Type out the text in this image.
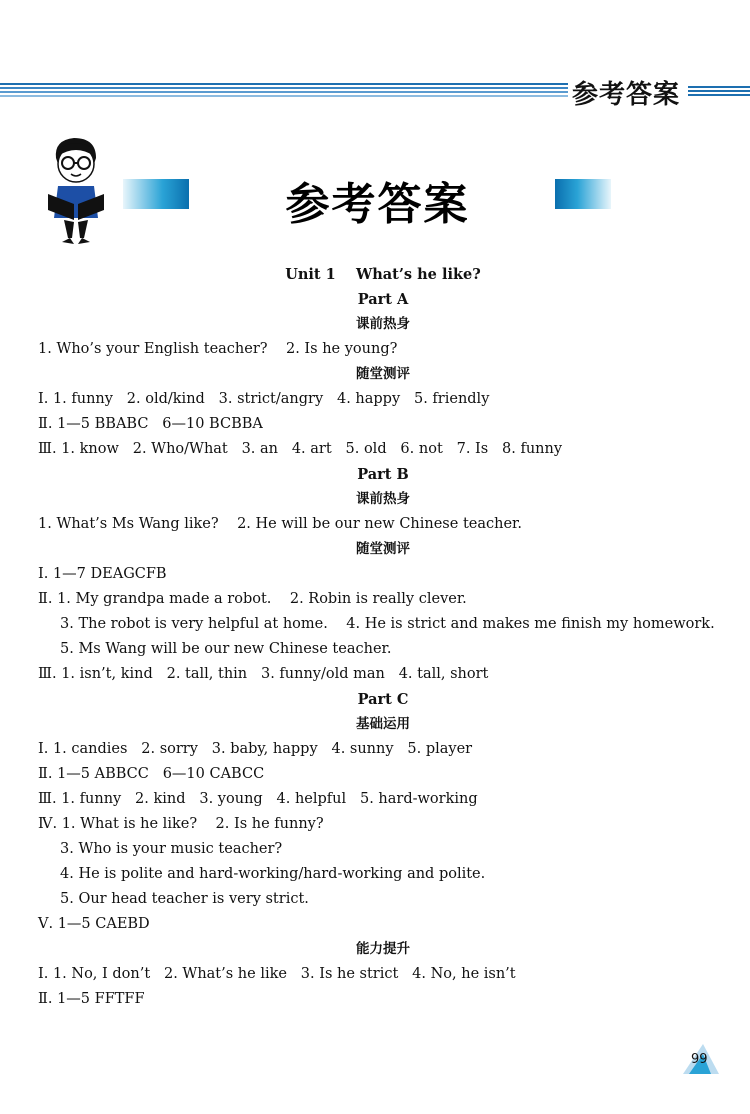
参考答案
参考答案
Unit 1    What’s he like?
Part A
课前热身
1. Who’s your English teacher?    2. Is he young?
随堂测评
Ⅰ. 1. funny   2. old/kind   3. strict/angry   4. happy   5. friendly
Ⅱ. 1—5 BBABC   6—10 BCBBA
Ⅲ. 1. know   2. Who/What   3. an   4. art   5. old   6. not   7. Is   8. funny
Part B
课前热身
1. What’s Ms Wang like?    2. He will be our new Chinese teacher.
随堂测评
Ⅰ. 1—7 DEAGCFB
Ⅱ. 1. My grandpa made a robot.    2. Robin is really clever.
3. The robot is very helpful at home.    4. He is strict and makes me finish my homework.
5. Ms Wang will be our new Chinese teacher.
Ⅲ. 1. isn’t, kind   2. tall, thin   3. funny/old man   4. tall, short
Part C
基础运用
Ⅰ. 1. candies   2. sorry   3. baby, happy   4. sunny   5. player
Ⅱ. 1—5 ABBCC   6—10 CABCC
Ⅲ. 1. funny   2. kind   3. young   4. helpful   5. hard-working
Ⅳ. 1. What is he like?    2. Is he funny?
3. Who is your music teacher?
4. He is polite and hard-working/hard-working and polite.
5. Our head teacher is very strict.
Ⅴ. 1—5 CAEBD
能力提升
Ⅰ. 1. No, I don’t   2. What’s he like   3. Is he strict   4. No, he isn’t
Ⅱ. 1—5 FFTFF
99
